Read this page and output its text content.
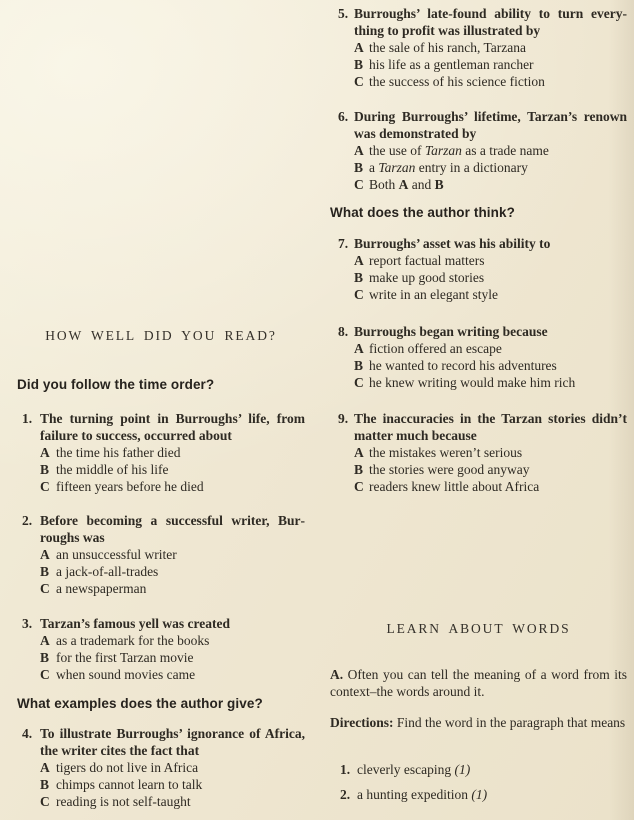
HOW WELL DID YOU READ?
Did you follow the time order?
1. The turning point in Burroughs’ life, from failure to success, occurred about
A the time his father died
B the middle of his life
C fifteen years before he died
2. Before becoming a successful writer, Burroughs was
A an unsuccessful writer
B a jack-of-all-trades
C a newspaperman
3. Tarzan’s famous yell was created
A as a trademark for the books
B for the first Tarzan movie
C when sound movies came
What examples does the author give?
4. To illustrate Burroughs’ ignorance of Africa, the writer cites the fact that
A tigers do not live in Africa
B chimps cannot learn to talk
C reading is not self-taught
5. Burroughs’ late-found ability to turn everything to profit was illustrated by
A the sale of his ranch, Tarzana
B his life as a gentleman rancher
C the success of his science fiction
6. During Burroughs’ lifetime, Tarzan’s renown was demonstrated by
A the use of Tarzan as a trade name
B a Tarzan entry in a dictionary
C Both A and B
What does the author think?
7. Burroughs’ asset was his ability to
A report factual matters
B make up good stories
C write in an elegant style
8. Burroughs began writing because
A fiction offered an escape
B he wanted to record his adventures
C he knew writing would make him rich
9. The inaccuracies in the Tarzan stories didn’t matter much because
A the mistakes weren’t serious
B the stories were good anyway
C readers knew little about Africa
LEARN ABOUT WORDS
A. Often you can tell the meaning of a word from its context–the words around it.
Directions: Find the word in the paragraph that means
1. cleverly escaping (1)
2. a hunting expedition (1)
